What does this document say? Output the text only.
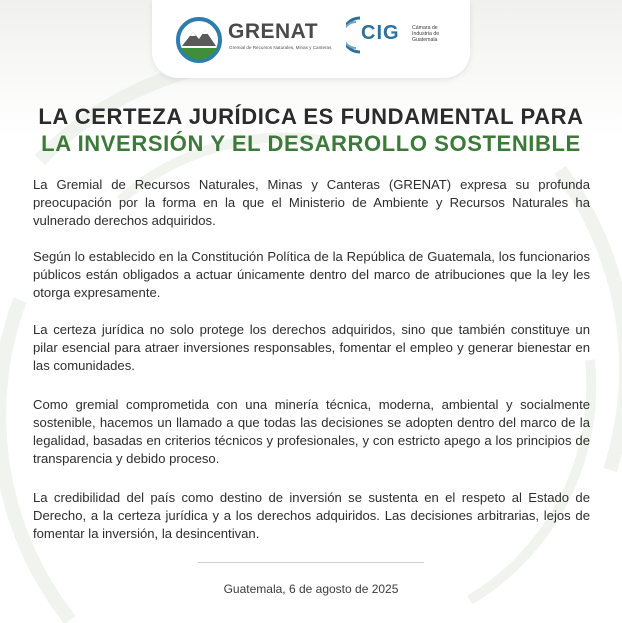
GRENAT
Gremial de Recursos Naturales, Minas y Canteras
CIG Cámara de
Industria de
Guatemala
LA CERTEZA JURÍDICA ES FUNDAMENTAL PARA
LA INVERSIÓN Y EL DESARROLLO SOSTENIBLE

La Gremial de Recursos Naturales, Minas y Canteras (GRENAT) expresa su profunda preocupación por la forma en la que el Ministerio de Ambiente y Recursos Naturales ha vulnerado derechos adquiridos.

Según lo establecido en la Constitución Política de la República de Guatemala, los funcionarios públicos están obligados a actuar únicamente dentro del marco de atribuciones que la ley les otorga expresamente.

La certeza jurídica no solo protege los derechos adquiridos, sino que también constituye un pilar esencial para atraer inversiones responsables, fomentar el empleo y generar bienestar en las comunidades.

Como gremial comprometida con una minería técnica, moderna, ambiental y socialmente sostenible, hacemos un llamado a que todas las decisiones se adopten dentro del marco de la legalidad, basadas en criterios técnicos y profesionales, y con estricto apego a los principios de transparencia y debido proceso.

La credibilidad del país como destino de inversión se sustenta en el respeto al Estado de Derecho, a la certeza jurídica y a los derechos adquiridos. Las decisiones arbitrarias, lejos de fomentar la inversión, la desincentivan.

Guatemala, 6 de agosto de 2025
